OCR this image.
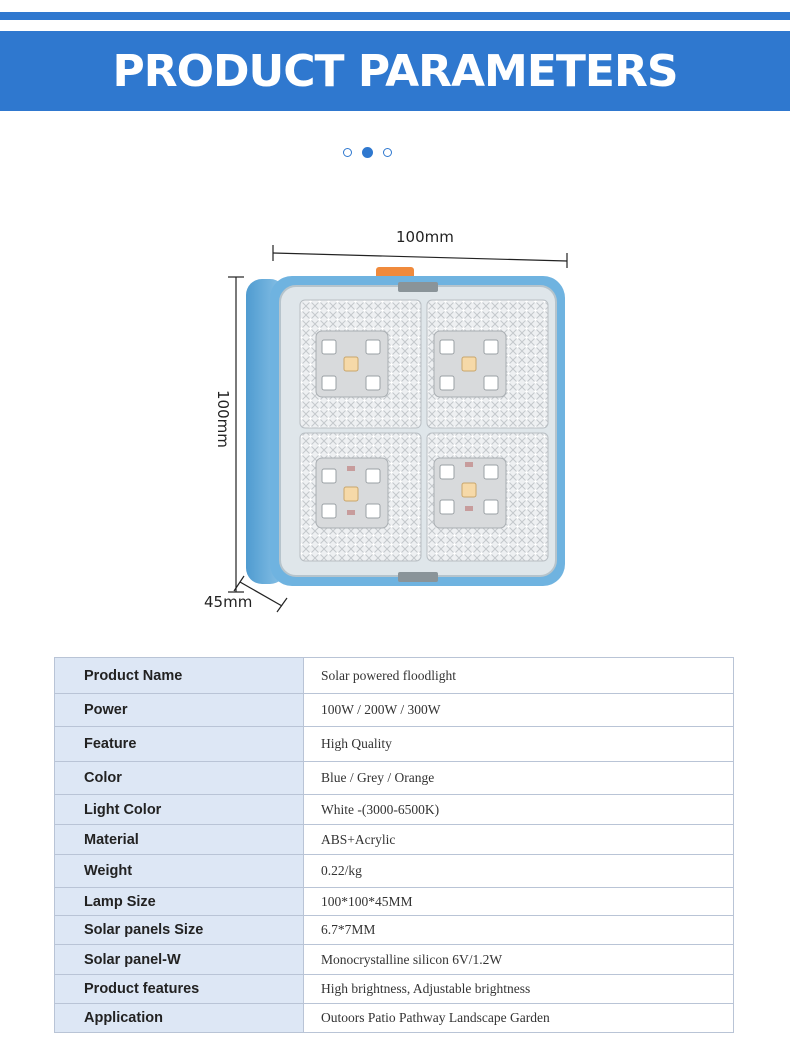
PRODUCT PARAMETERS
100mm
100mm
45mm
Product Name	Solar powered floodlight
Power	100W / 200W / 300W
Feature	High Quality
Color	Blue / Grey / Orange
Light Color	White -(3000-6500K)
Material	ABS+Acrylic
Weight	0.22/kg
Lamp Size	100*100*45MM
Solar panels Size	6.7*7MM
Solar panel-W	Monocrystalline silicon 6V/1.2W
Product features	High brightness, Adjustable brightness
Application	Outoors Patio Pathway Landscape Garden
